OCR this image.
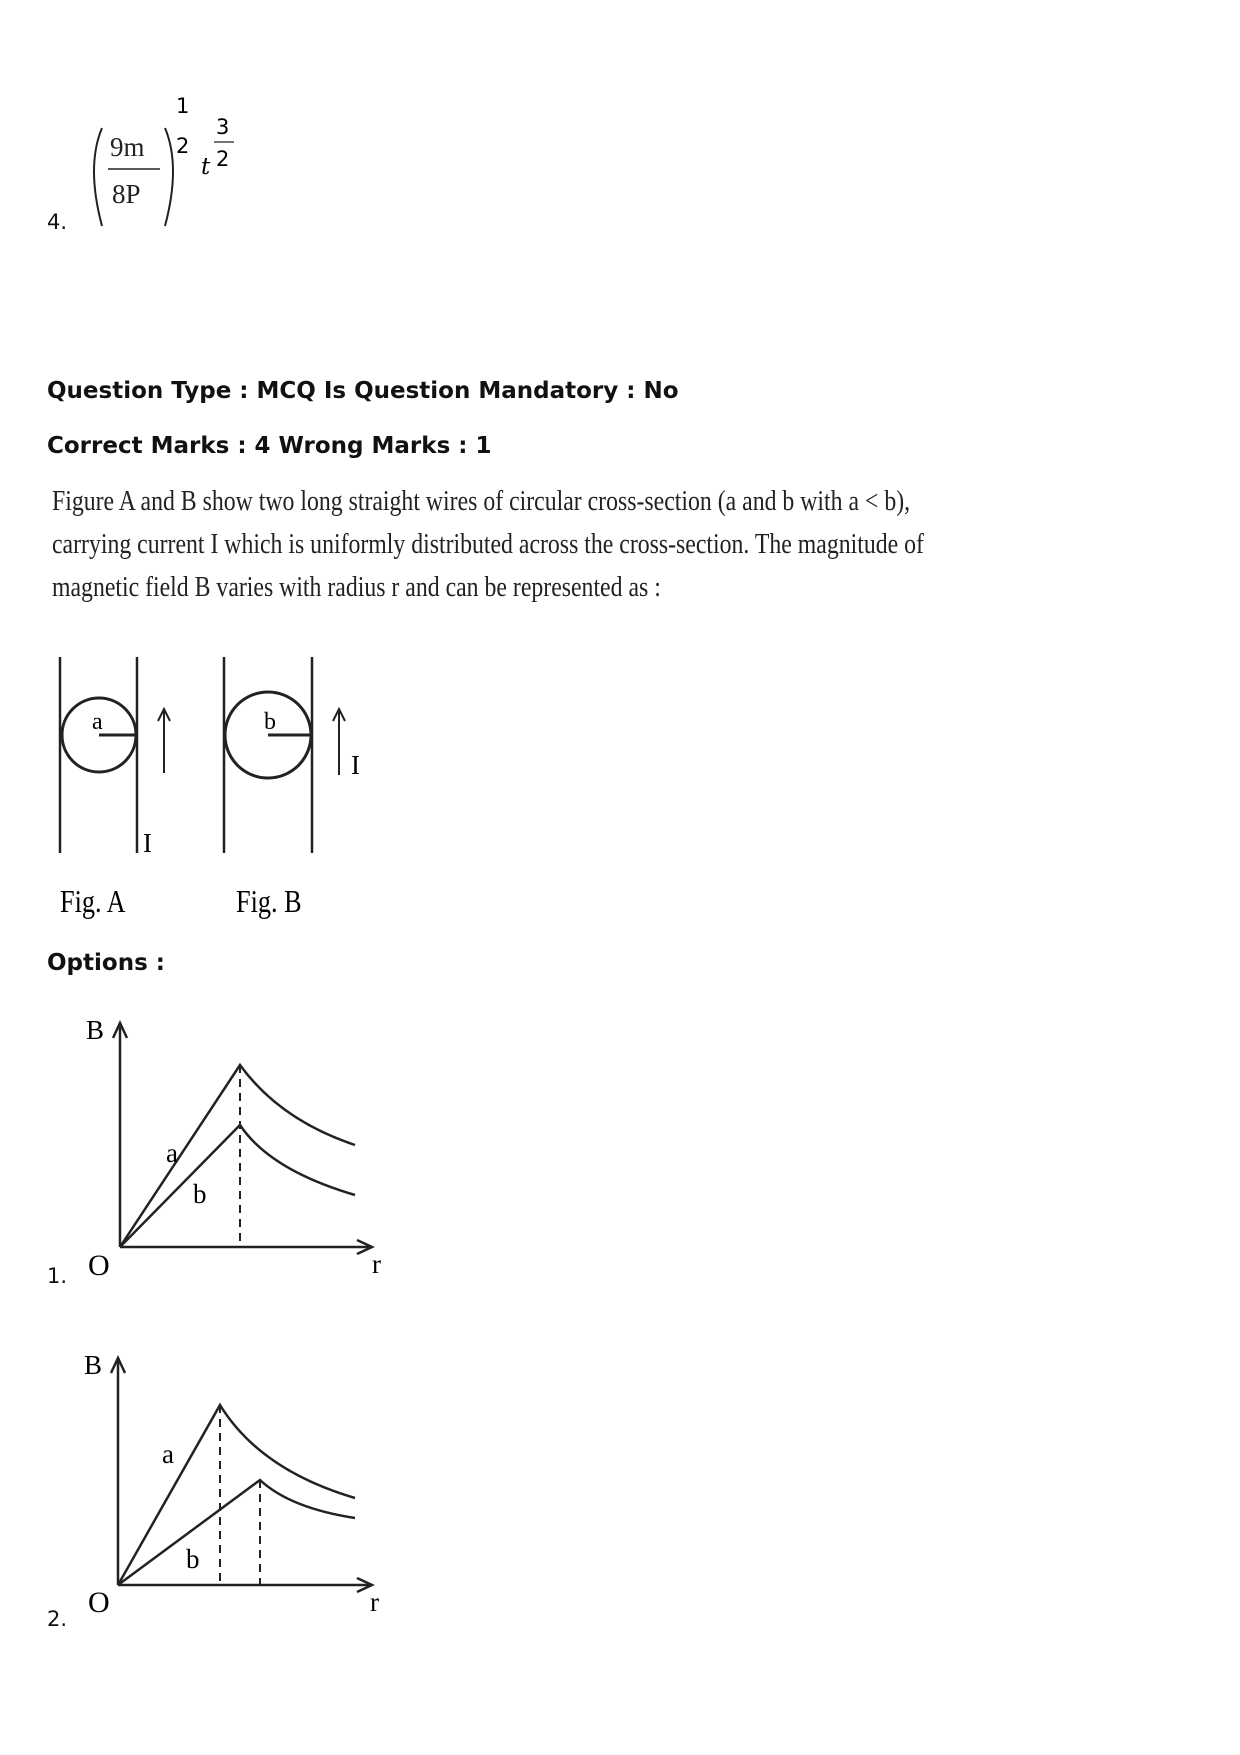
4.
9m
8P
1
2
t
3
2
Question Type : MCQ Is Question Mandatory : No
Correct Marks : 4 Wrong Marks : 1
Figure A and B show two long straight wires of circular cross-section (a and b with a < b),
carrying current I which is uniformly distributed across the cross-section. The magnitude of
magnetic field B varies with radius r and can be represented as :
a
I
Fig. A
b
I
Fig. B
Options :
1.
B
r
O
a
b
2.
B
r
O
a
b
